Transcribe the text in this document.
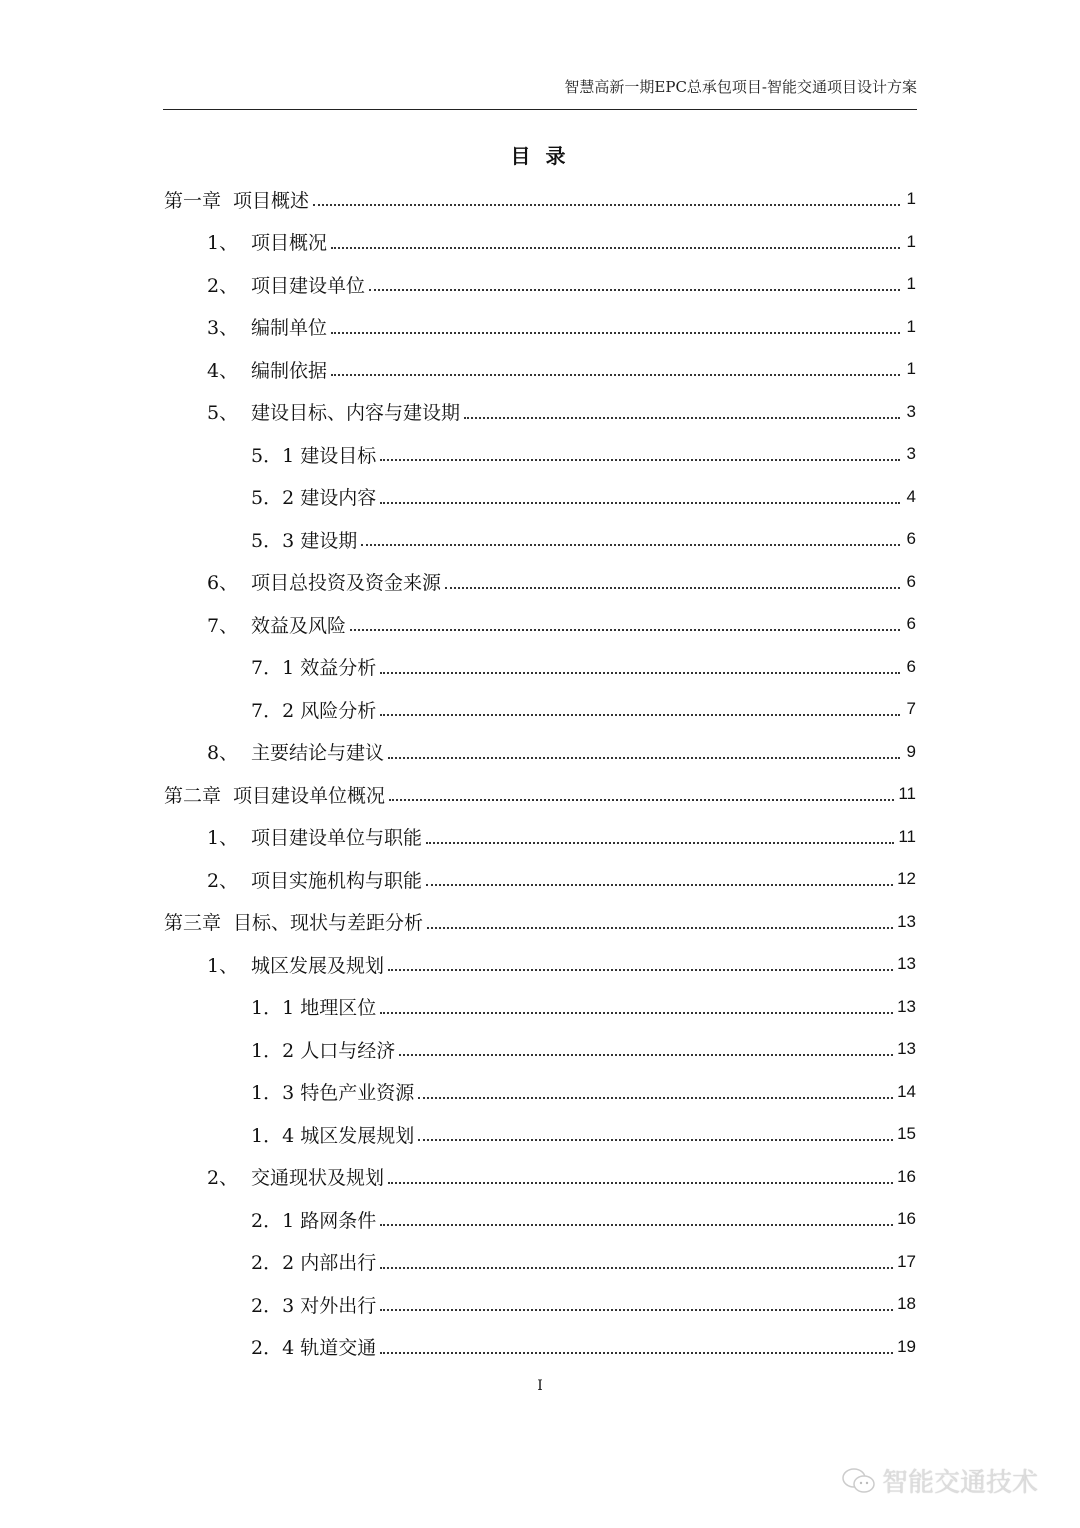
智慧高新一期EPC总承包项目-智能交通项目设计方案
目 录
第一章 项目概述	1
1、 项目概况	1
2、 项目建设单位	1
3、 编制单位	1
4、 编制依据	1
5、 建设目标、内容与建设期	3
5．1 建设目标	3
5．2 建设内容	4
5．3 建设期	6
6、 项目总投资及资金来源	6
7、 效益及风险	6
7．1 效益分析	6
7．2 风险分析	7
8、 主要结论与建议	9
第二章 项目建设单位概况	11
1、 项目建设单位与职能	11
2、 项目实施机构与职能	12
第三章 目标、现状与差距分析	13
1、 城区发展及规划	13
1．1 地理区位	13
1．2 人口与经济	13
1．3 特色产业资源	14
1．4 城区发展规划	15
2、 交通现状及规划	16
2．1 路网条件	16
2．2 内部出行	17
2．3 对外出行	18
2．4 轨道交通	19
I
智能交通技术
